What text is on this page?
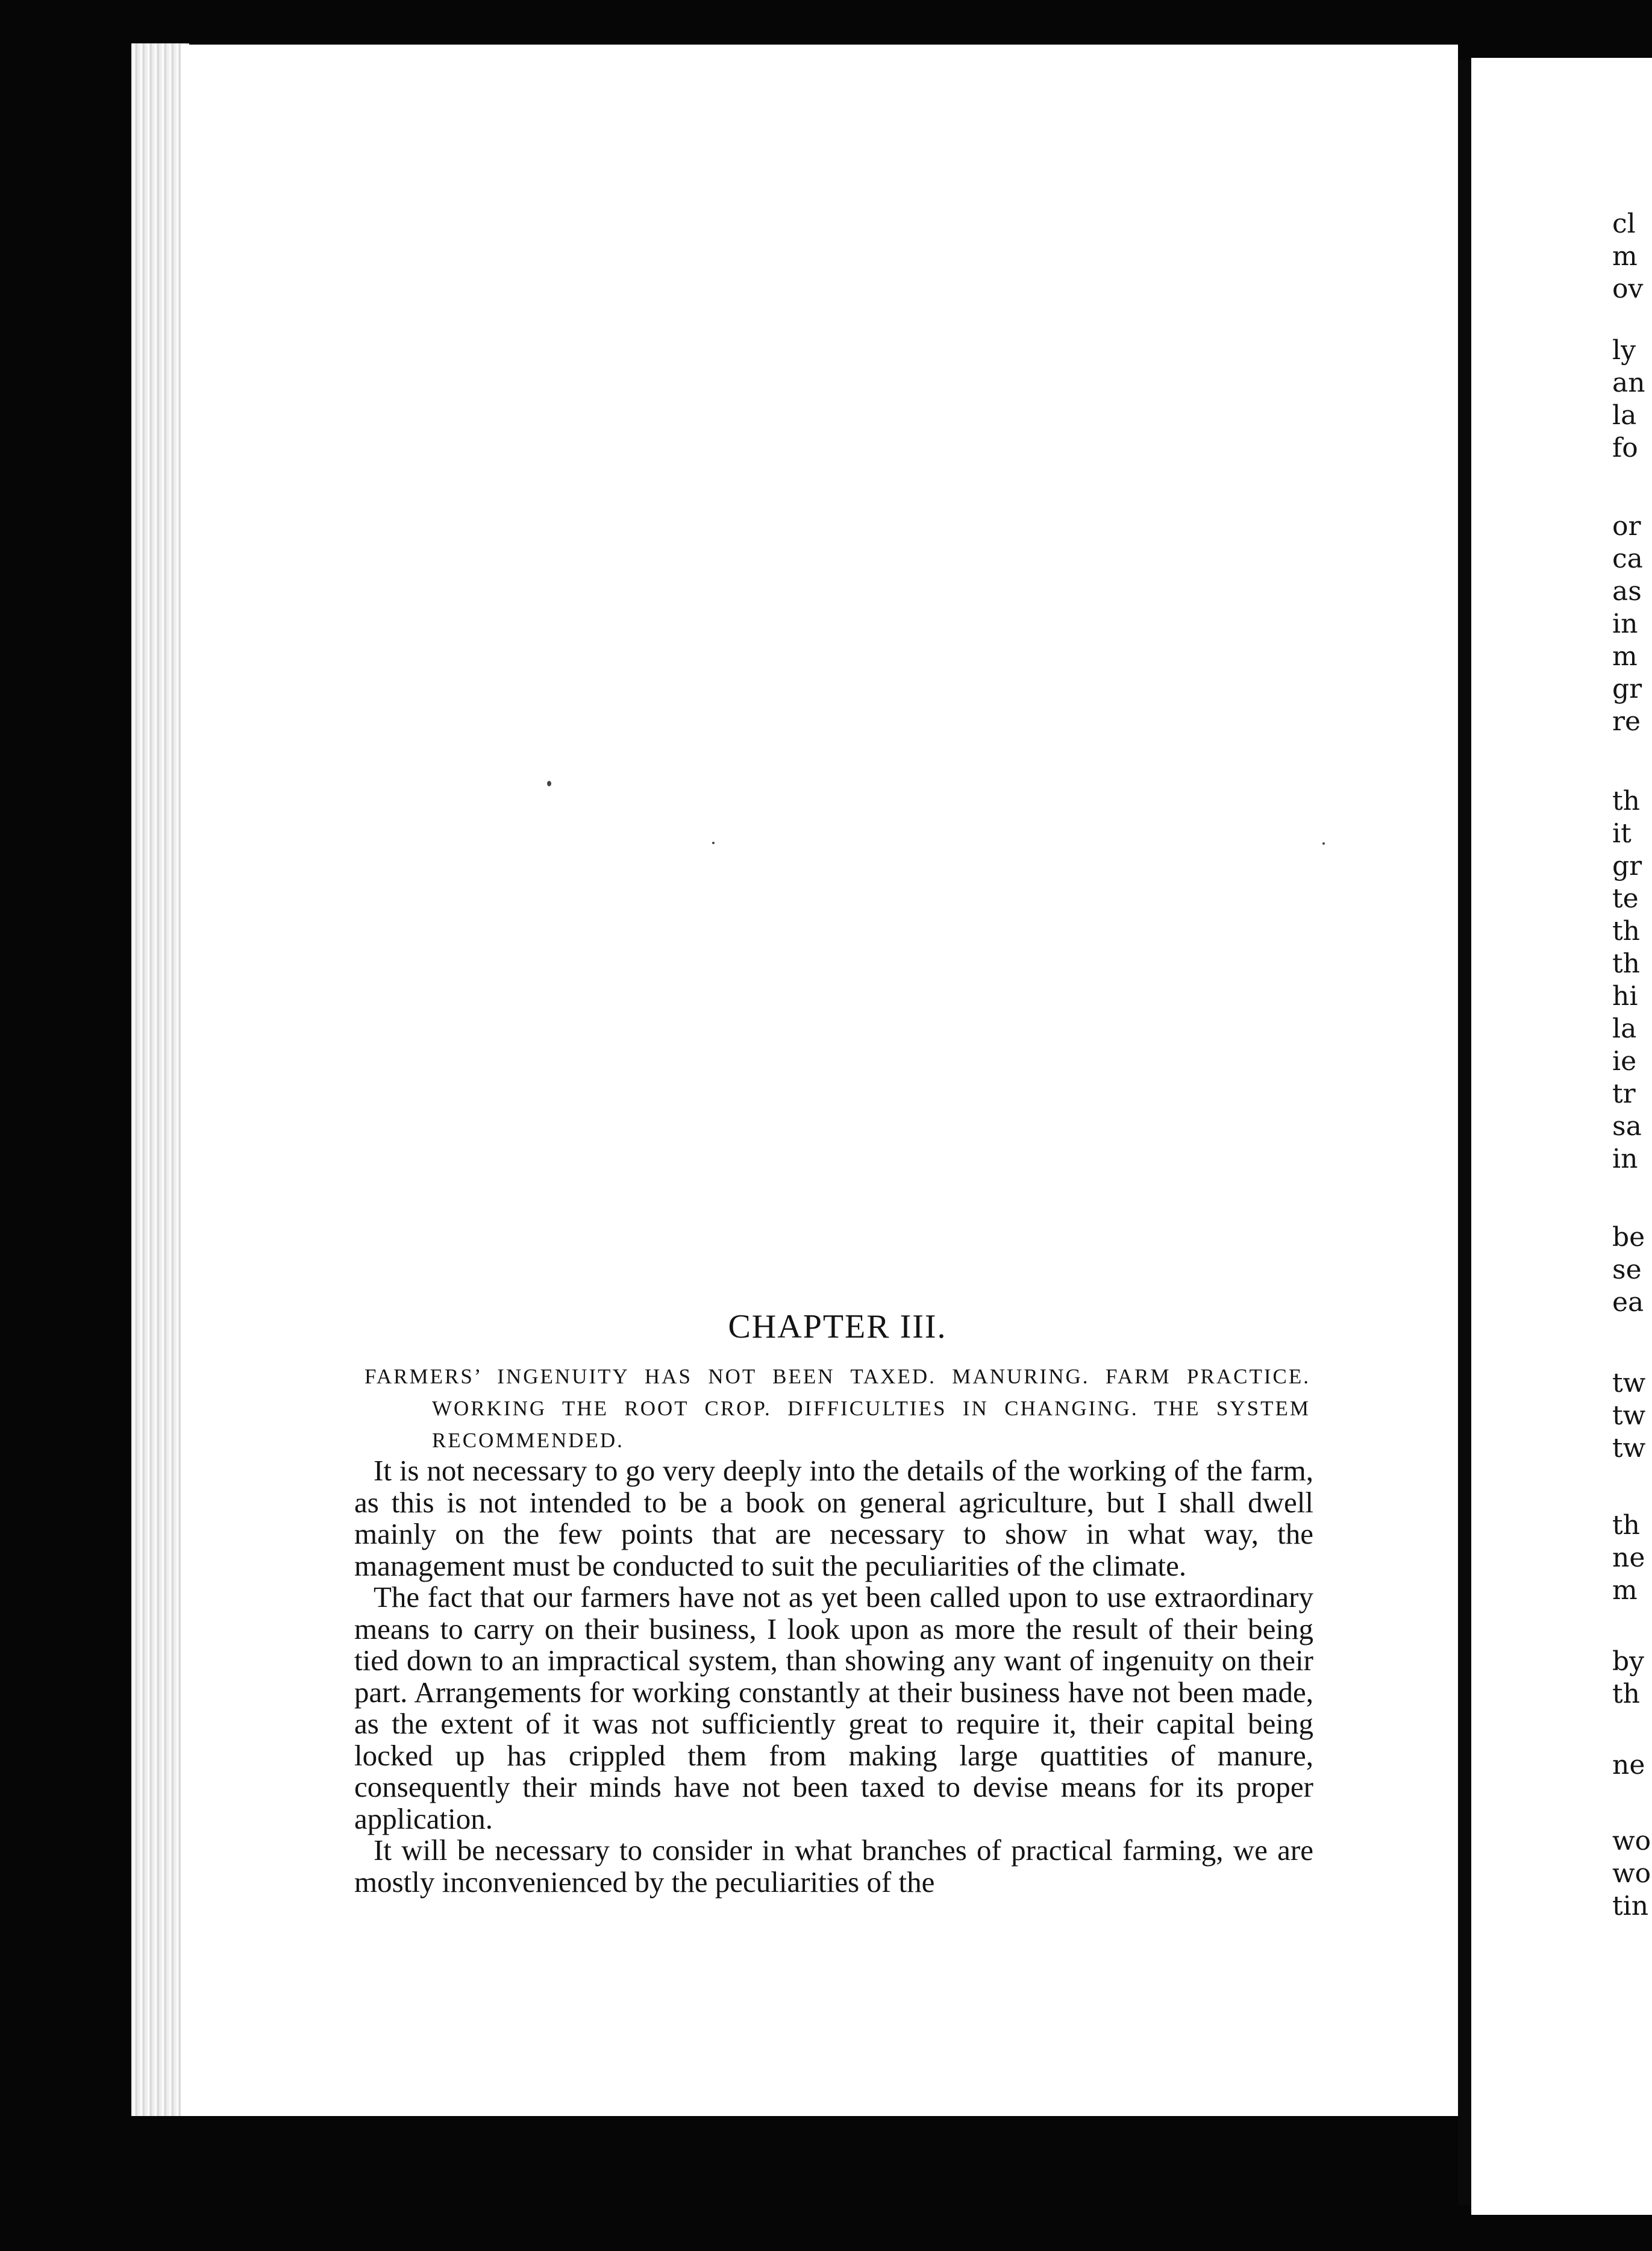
CHAPTER III.

FARMERS’ INGENUITY HAS NOT BEEN TAXED. MANURING. FARM PRACTICE. WORKING THE ROOT CROP. DIFFICULTIES IN CHANGING. THE SYSTEM RECOMMENDED.

It is not necessary to go very deeply into the details of the working of the farm, as this is not intended to be a book on general agriculture, but I shall dwell mainly on the few points that are necessary to show in what way, the management must be conducted to suit the peculiarities of the climate.

The fact that our farmers have not as yet been called upon to use extraordinary means to carry on their business, I look upon as more the result of their being tied down to an impractical system, than showing any want of ingenuity on their part. Arrangements for working constantly at their business have not been made, as the extent of it was not sufficiently great to require it, their capital being locked up has crippled them from making large quattities of manure, consequently their minds have not been taxed to devise means for its proper application.

It will be necessary to consider in what branches of practical farming, we are mostly inconvenienced by the peculiarities of the

cl

m

ov

ly

an

la

fo

or

ca

as

in

m

gr

re

th

it

gr

te

th

th

hi

la

ie

tr

sa

in

be

se

ea

tw

tw

tw

th

ne

m

by

th

ne

wo

wo

tin
